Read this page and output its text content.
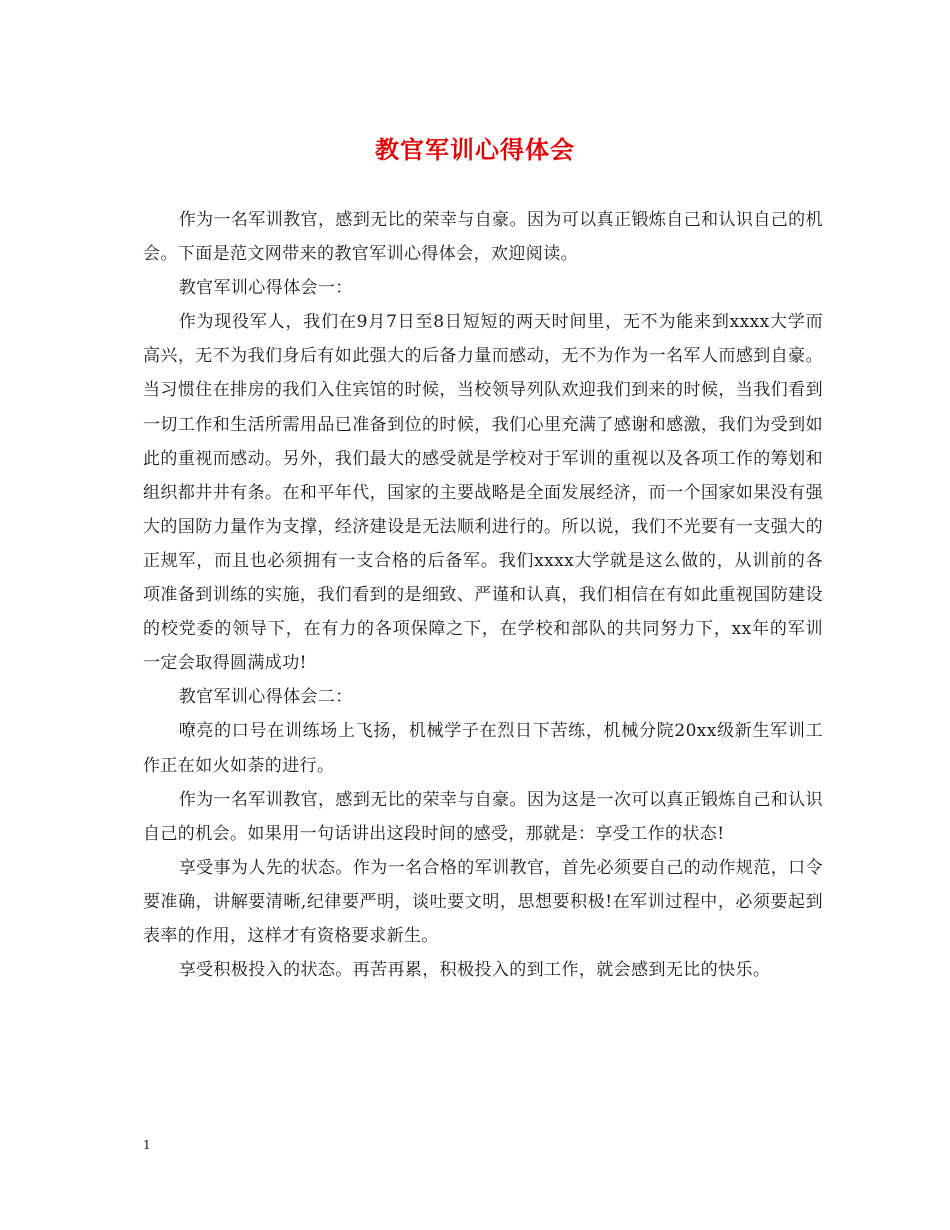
教官军训心得体会

作为一名军训教官，感到无比的荣幸与自豪。因为可以真正锻炼自己和认识自己的机会。下面是范文网带来的教官军训心得体会，欢迎阅读。

教官军训心得体会一：

作为现役军人，我们在9月7日至8日短短的两天时间里，无不为能来到xxxx大学而高兴，无不为我们身后有如此强大的后备力量而感动，无不为作为一名军人而感到自豪。当习惯住在排房的我们入住宾馆的时候，当校领导列队欢迎我们到来的时候，当我们看到一切工作和生活所需用品已准备到位的时候，我们心里充满了感谢和感激，我们为受到如此的重视而感动。另外，我们最大的感受就是学校对于军训的重视以及各项工作的筹划和组织都井井有条。在和平年代，国家的主要战略是全面发展经济，而一个国家如果没有强大的国防力量作为支撑，经济建设是无法顺利进行的。所以说，我们不光要有一支强大的正规军，而且也必须拥有一支合格的后备军。我们xxxx大学就是这么做的，从训前的各项准备到训练的实施，我们看到的是细致、严谨和认真，我们相信在有如此重视国防建设的校党委的领导下，在有力的各项保障之下，在学校和部队的共同努力下，xx年的军训一定会取得圆满成功!

教官军训心得体会二：

嘹亮的口号在训练场上飞扬，机械学子在烈日下苦练，机械分院20xx级新生军训工作正在如火如荼的进行。

作为一名军训教官，感到无比的荣幸与自豪。因为这是一次可以真正锻炼自己和认识自己的机会。如果用一句话讲出这段时间的感受，那就是：享受工作的状态!

享受事为人先的状态。作为一名合格的军训教官，首先必须要自己的动作规范，口令要准确，讲解要清晰,纪律要严明，谈吐要文明，思想要积极!在军训过程中，必须要起到表率的作用，这样才有资格要求新生。

享受积极投入的状态。再苦再累，积极投入的到工作，就会感到无比的快乐。

1
